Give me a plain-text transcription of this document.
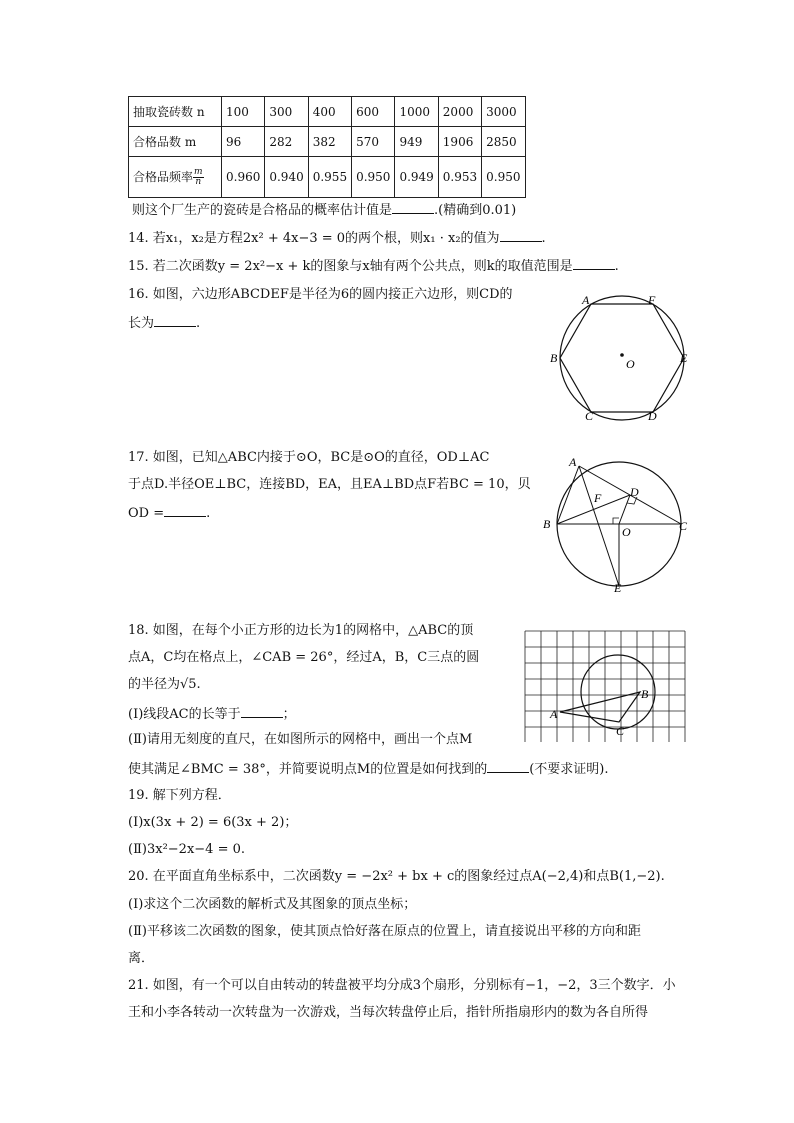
抽取瓷砖数 n	100	300	400	600	1000	2000	3000
合格品数 m	96	282	382	570	949	1906	2850
合格品频率 $\frac{m}{n}$	0.960	0.940	0.955	0.950	0.949	0.953	0.950
则这个厂生产的瓷砖是合格品的概率估计值是	.(精确到0.01)
14. 若x₁，x₂是方程2x² + 4x−3 = 0的两个根，则x₁ · x₂的值为	.
15. 若二次函数y = 2x²−x + k的图象与x轴有两个公共点，则k的取值范围是	.
16. 如图，六边形ABCDEF是半径为6的圆内接正六边形，则CD的
长为	.
A	F
B	E
O
C	D
17. 如图，已知△ABC内接于⊙O，BC是⊙O的直径，OD⊥AC
于点D.半径OE⊥BC，连接BD，EA，且EA⊥BD点F若BC = 10，贝
OD =	.
A
D
F
B	C
O
E
18. 如图，在每个小正方形的边长为1的网格中，△ABC的顶
点A，C均在格点上，∠CAB = 26°，经过A，B，C三点的圆
的半径为√5.
(Ⅰ)线段AC的长等于	；
(Ⅱ)请用无刻度的直尺，在如图所示的网格中，画出一个点M
使其满足∠BMC = 38°，并简要说明点M的位置是如何找到的	(不要求证明).
A
B
C
19. 解下列方程．
(Ⅰ)x(3x + 2) = 6(3x + 2)；
(Ⅱ)3x²−2x−4 = 0.
20. 在平面直角坐标系中，二次函数y = −2x² + bx + c的图象经过点A(−2,4)和点B(1,−2).
(Ⅰ)求这个二次函数的解析式及其图象的顶点坐标；
(Ⅱ)平移该二次函数的图象，使其顶点恰好落在原点的位置上，请直接说出平移的方向和距
离．
21. 如图，有一个可以自由转动的转盘被平均分成3个扇形，分别标有−1，−2，3三个数字．小
王和小李各转动一次转盘为一次游戏，当每次转盘停止后，指针所指扇形内的数为各自所得
